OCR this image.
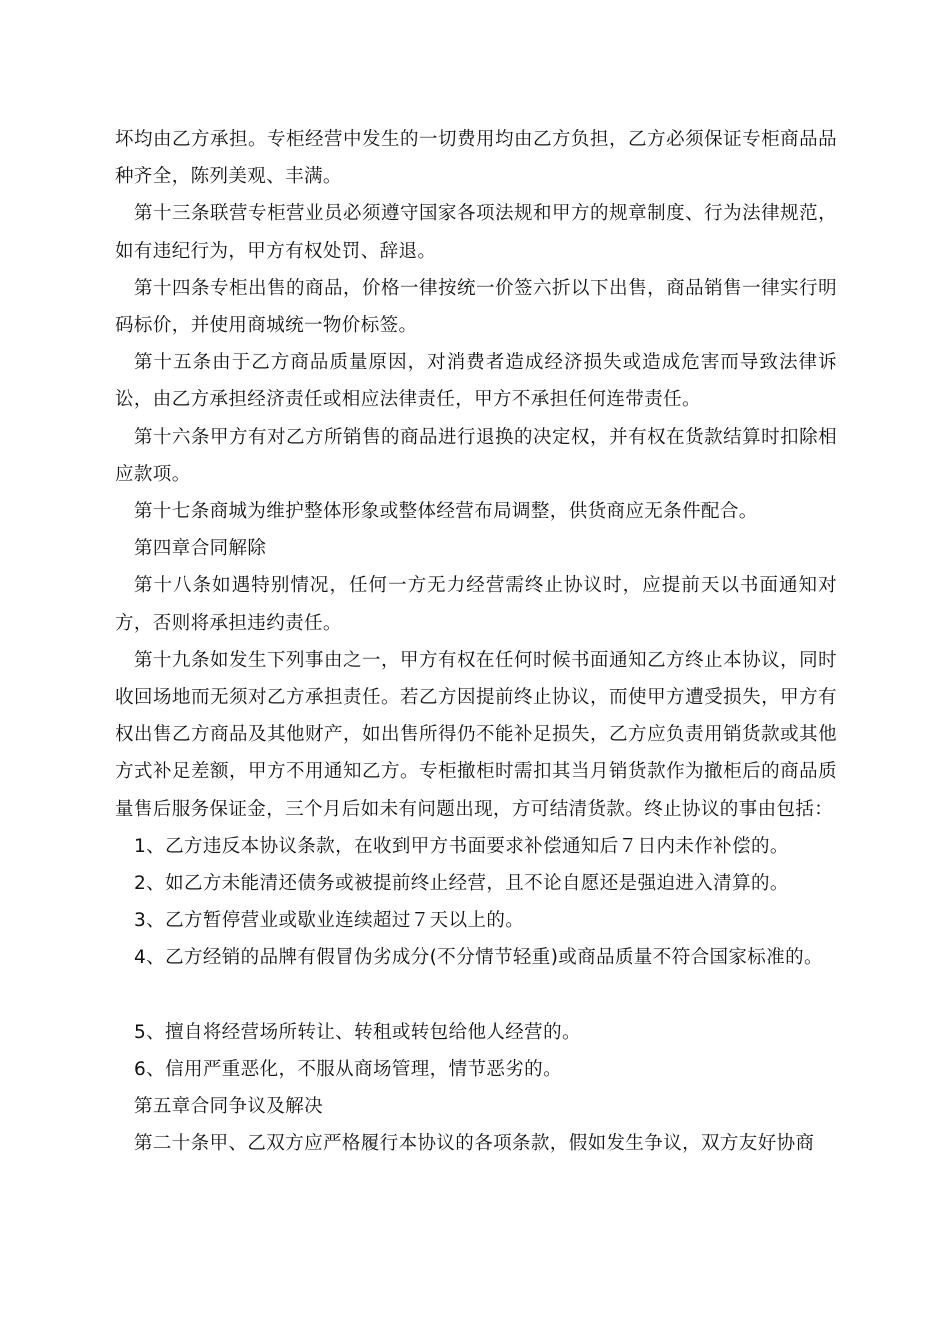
坏均由乙方承担。专柜经营中发生的一切费用均由乙方负担，乙方必须保证专柜商品品种齐全，陈列美观、丰满。

第十三条联营专柜营业员必须遵守国家各项法规和甲方的规章制度、行为法律规范，如有违纪行为，甲方有权处罚、辞退。

第十四条专柜出售的商品，价格一律按统一价签六折以下出售，商品销售一律实行明码标价，并使用商城统一物价标签。

第十五条由于乙方商品质量原因，对消费者造成经济损失或造成危害而导致法律诉讼，由乙方承担经济责任或相应法律责任，甲方不承担任何连带责任。

第十六条甲方有对乙方所销售的商品进行退换的决定权，并有权在货款结算时扣除相应款项。

第十七条商城为维护整体形象或整体经营布局调整，供货商应无条件配合。

第四章合同解除

第十八条如遇特别情况，任何一方无力经营需终止协议时，应提前天以书面通知对方，否则将承担违约责任。

第十九条如发生下列事由之一，甲方有权在任何时候书面通知乙方终止本协议，同时收回场地而无须对乙方承担责任。若乙方因提前终止协议，而使甲方遭受损失，甲方有权出售乙方商品及其他财产，如出售所得仍不能补足损失，乙方应负责用销货款或其他方式补足差额，甲方不用通知乙方。专柜撤柜时需扣其当月销货款作为撤柜后的商品质量售后服务保证金，三个月后如未有问题出现，方可结清货款。终止协议的事由包括：

1、乙方违反本协议条款，在收到甲方书面要求补偿通知后７日内未作补偿的。

2、如乙方未能清还债务或被提前终止经营，且不论自愿还是强迫进入清算的。

3、乙方暂停营业或歇业连续超过７天以上的。

4、乙方经销的品牌有假冒伪劣成分(不分情节轻重)或商品质量不符合国家标准的。

5、擅自将经营场所转让、转租或转包给他人经营的。

6、信用严重恶化，不服从商场管理，情节恶劣的。

第五章合同争议及解决

第二十条甲、乙双方应严格履行本协议的各项条款，假如发生争议，双方友好协商
